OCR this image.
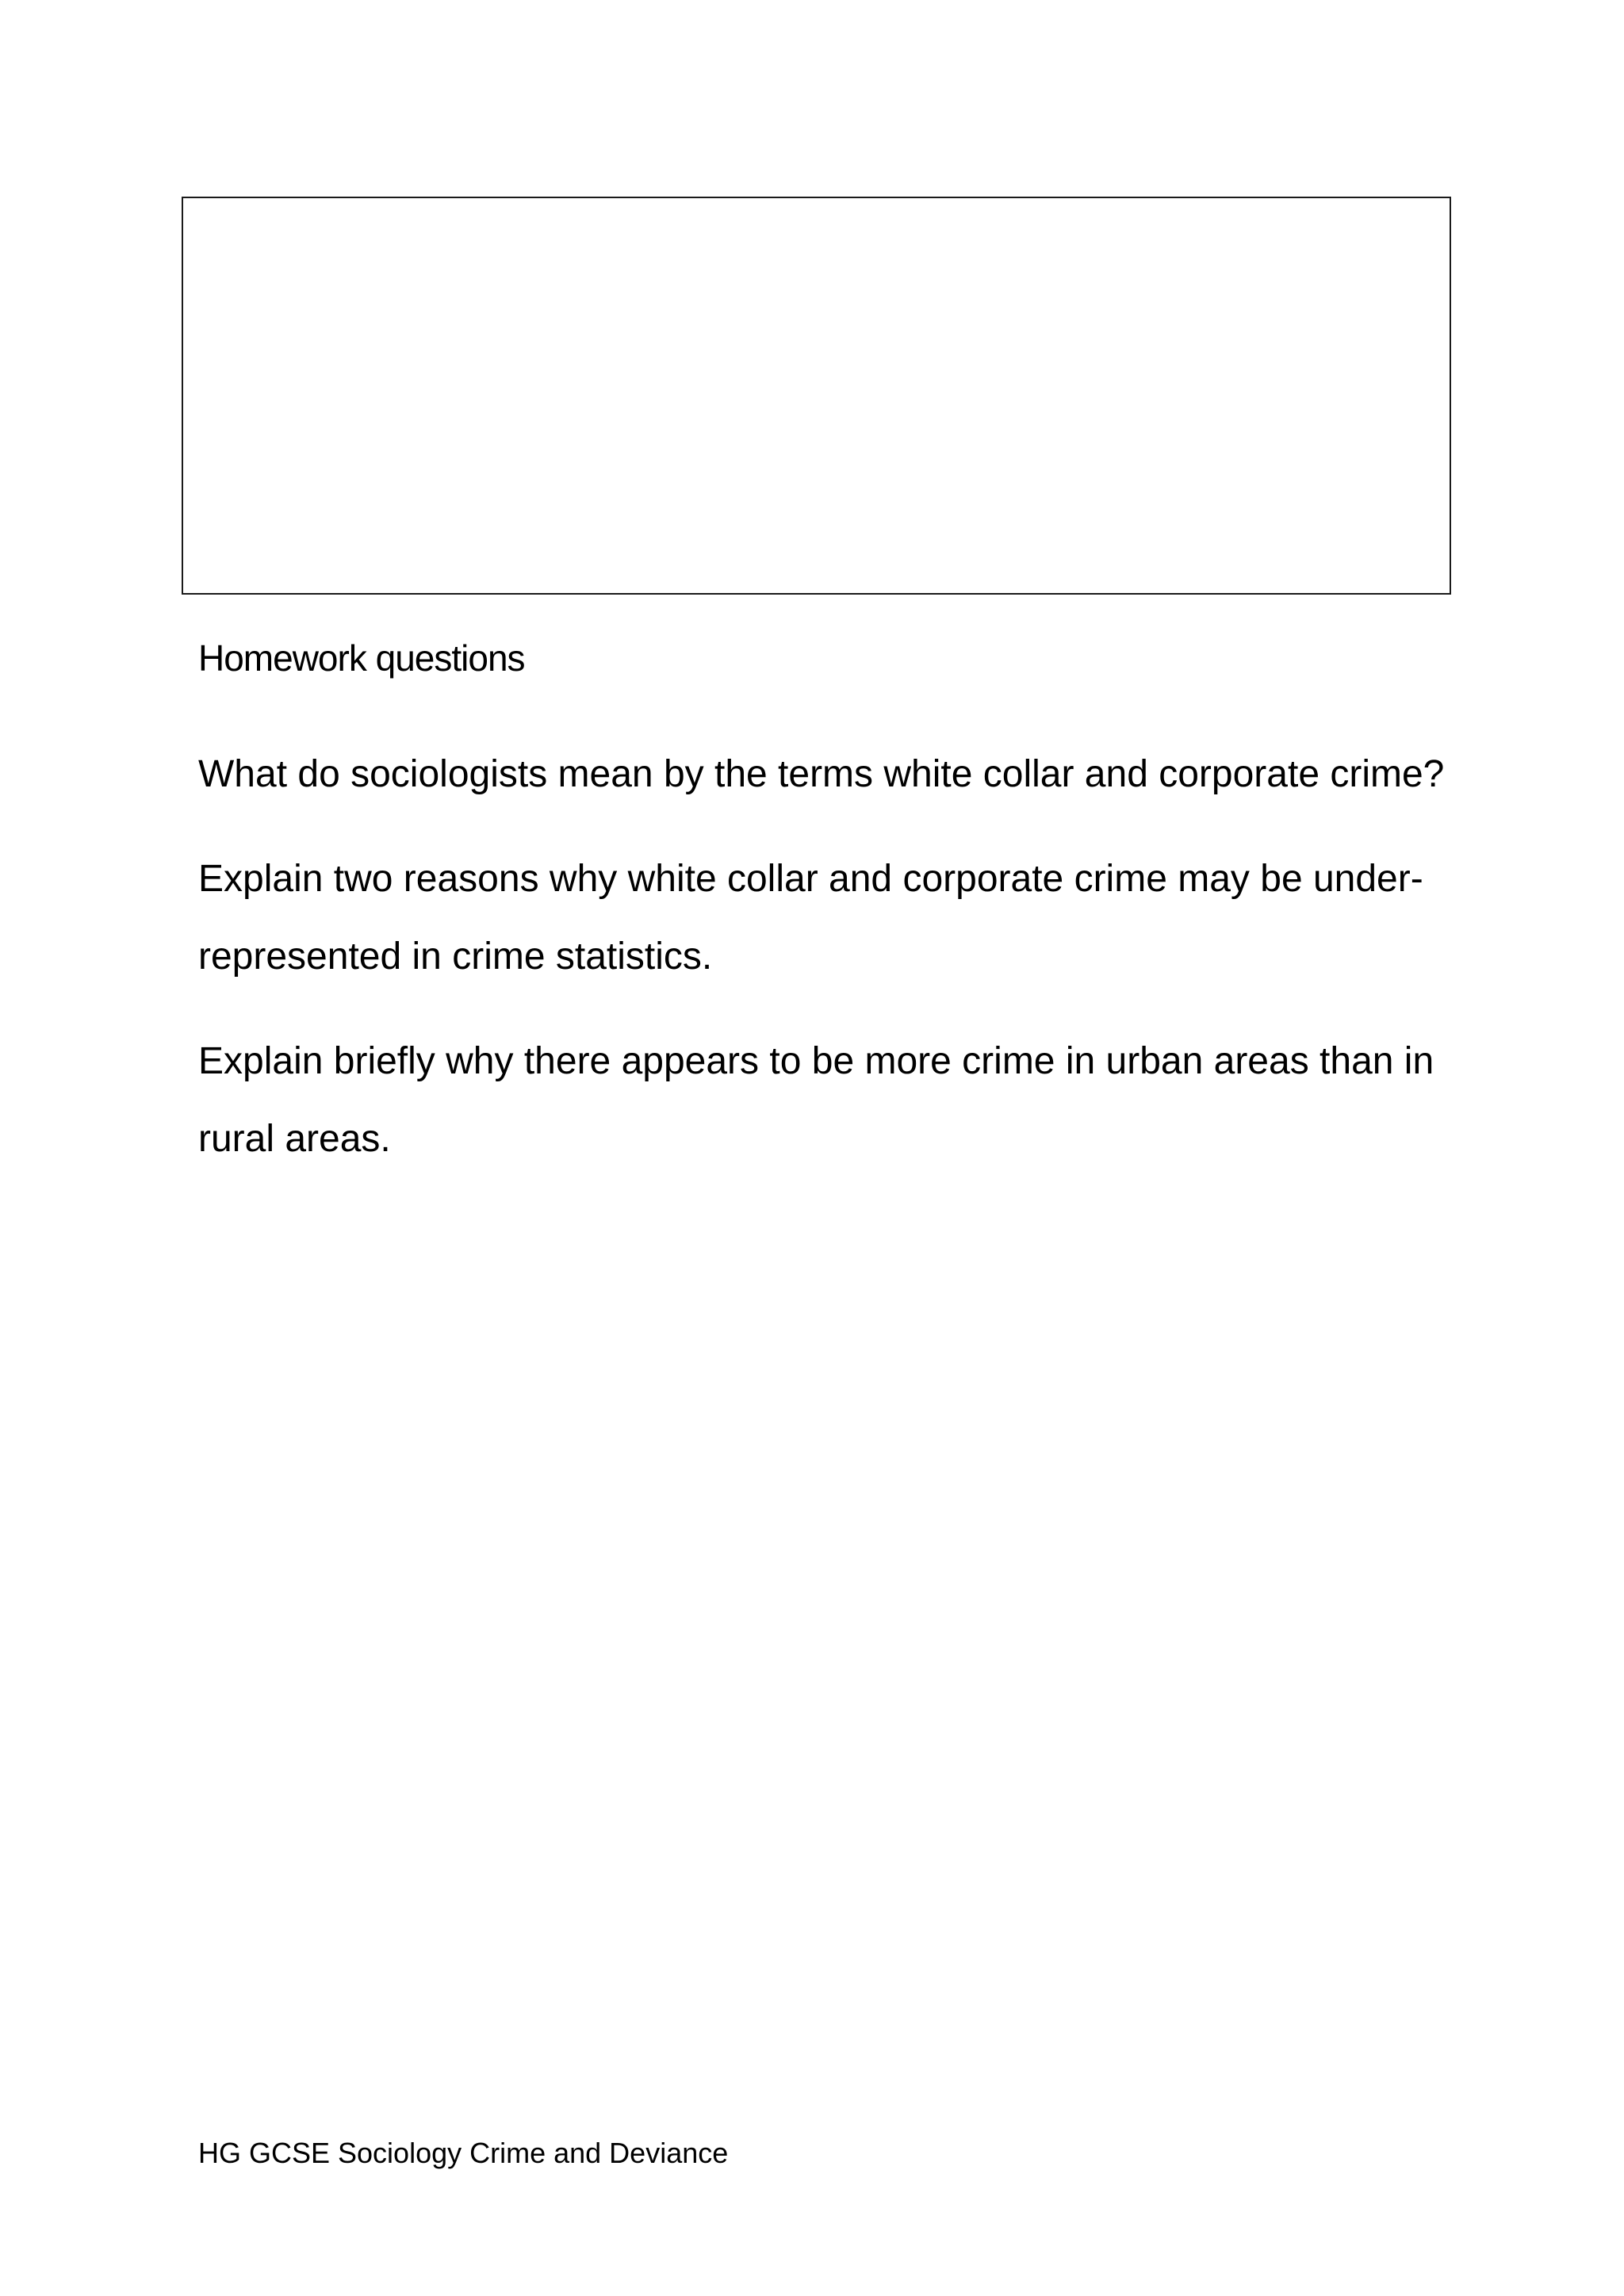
Homework questions

What do sociologists mean by the terms white collar and corporate crime?

Explain two reasons why white collar and corporate crime may be under-represented in crime statistics.

Explain briefly why there appears to be more crime in urban areas than in rural areas.

HG GCSE Sociology Crime and Deviance
